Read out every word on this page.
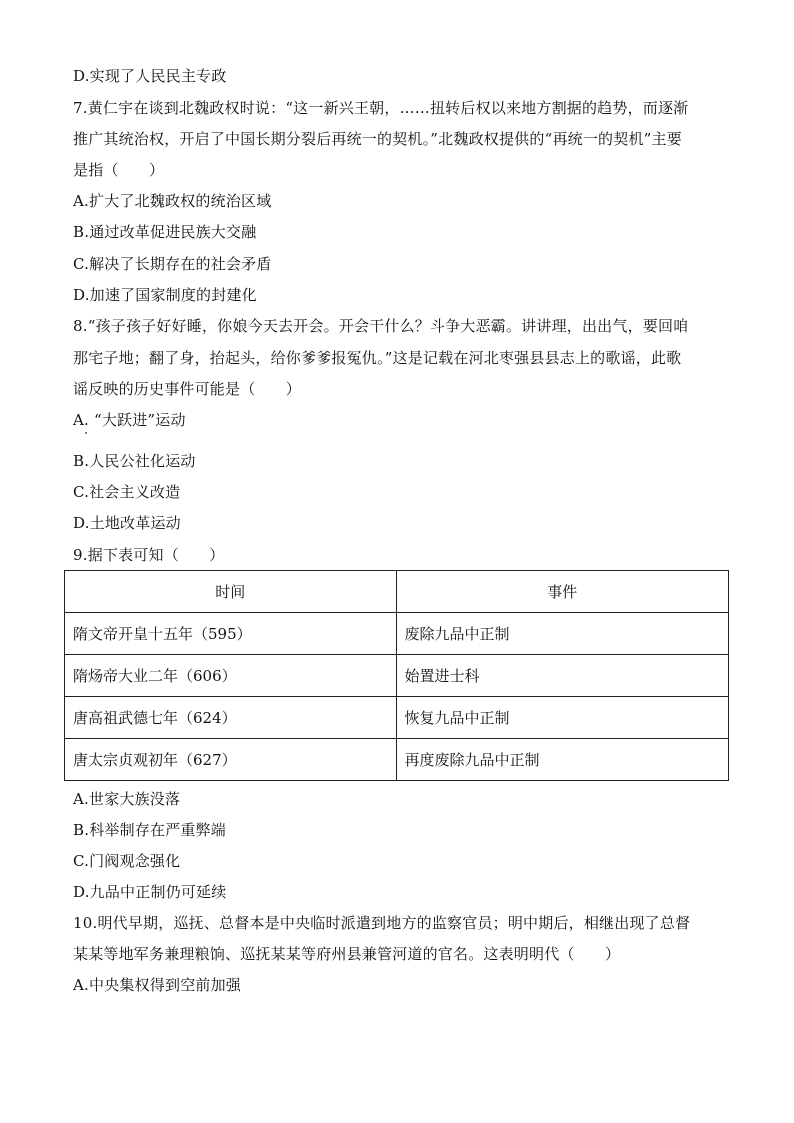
D.实现了人民民主专政
7.黄仁宇在谈到北魏政权时说：“这一新兴王朝，……扭转后权以来地方割据的趋势，而逐渐
推广其统治权，开启了中国长期分裂后再统一的契机。”北魏政权提供的“再统一的契机”主要
是指（　　）
A.扩大了北魏政权的统治区域
B.通过改革促进民族大交融
C.解决了长期存在的社会矛盾
D.加速了国家制度的封建化
8.“孩子孩子好好睡，你娘今天去开会。开会干什么？斗争大恶霸。讲讲理，出出气，要回咱
那宅子地；翻了身，抬起头，给你爹爹报冤仇。”这是记载在河北枣强县县志上的歌谣，此歌
谣反映的历史事件可能是（　　）
A. “大跃进”运动
B.人民公社化运动
C.社会主义改造
D.土地改革运动
9.据下表可知（　　）
时间	事件
隋文帝开皇十五年（595）	废除九品中正制
隋炀帝大业二年（606）	始置进士科
唐高祖武德七年（624）	恢复九品中正制
唐太宗贞观初年（627）	再度废除九品中正制
A.世家大族没落
B.科举制存在严重弊端
C.门阀观念强化
D.九品中正制仍可延续
10.明代早期，巡抚、总督本是中央临时派遣到地方的监察官员；明中期后，相继出现了总督
某某等地军务兼理粮饷、巡抚某某等府州县兼管河道的官名。这表明明代（　　）
A.中央集权得到空前加强
